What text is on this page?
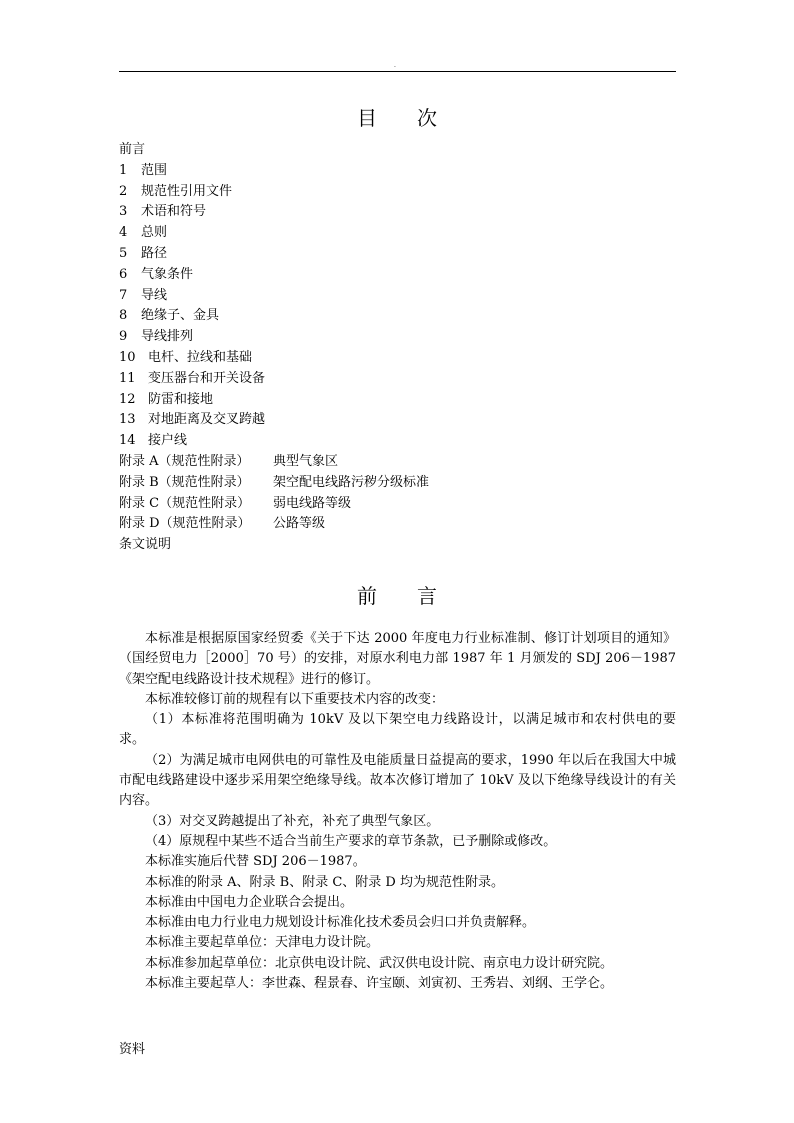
.
目 次
前言
1 范围
2 规范性引用文件
3 术语和符号
4 总则
5 路径
6 气象条件
7 导线
8 绝缘子、金具
9 导线排列
10 电杆、拉线和基础
11 变压器台和开关设备
12 防雷和接地
13 对地距离及交叉跨越
14 接户线
附录 A（规范性附录） 典型气象区
附录 B（规范性附录） 架空配电线路污秽分级标准
附录 C（规范性附录） 弱电线路等级
附录 D（规范性附录） 公路等级
条文说明
前 言

本标准是根据原国家经贸委《关于下达 2000 年度电力行业标准制、修订计划项目的通知》（国经贸电力［2000］70 号）的安排，对原水利电力部 1987 年 1 月颁发的 SDJ 206－1987《架空配电线路设计技术规程》进行的修订。

本标准较修订前的规程有以下重要技术内容的改变：

（1）本标准将范围明确为 10kV 及以下架空电力线路设计，以满足城市和农村供电的要求。

（2）为满足城市电网供电的可靠性及电能质量日益提高的要求，1990 年以后在我国大中城市配电线路建设中逐步采用架空绝缘导线。故本次修订增加了 10kV 及以下绝缘导线设计的有关内容。

（3）对交叉跨越提出了补充，补充了典型气象区。

（4）原规程中某些不适合当前生产要求的章节条款，已予删除或修改。

本标准实施后代替 SDJ 206－1987。

本标准的附录 A、附录 B、附录 C、附录 D 均为规范性附录。

本标准由中国电力企业联合会提出。

本标准由电力行业电力规划设计标准化技术委员会归口并负责解释。

本标准主要起草单位：天津电力设计院。

本标准参加起草单位：北京供电设计院、武汉供电设计院、南京电力设计研究院。

本标准主要起草人：李世森、程景春、许宝颐、刘寅初、王秀岩、刘纲、王学仑。

资料
